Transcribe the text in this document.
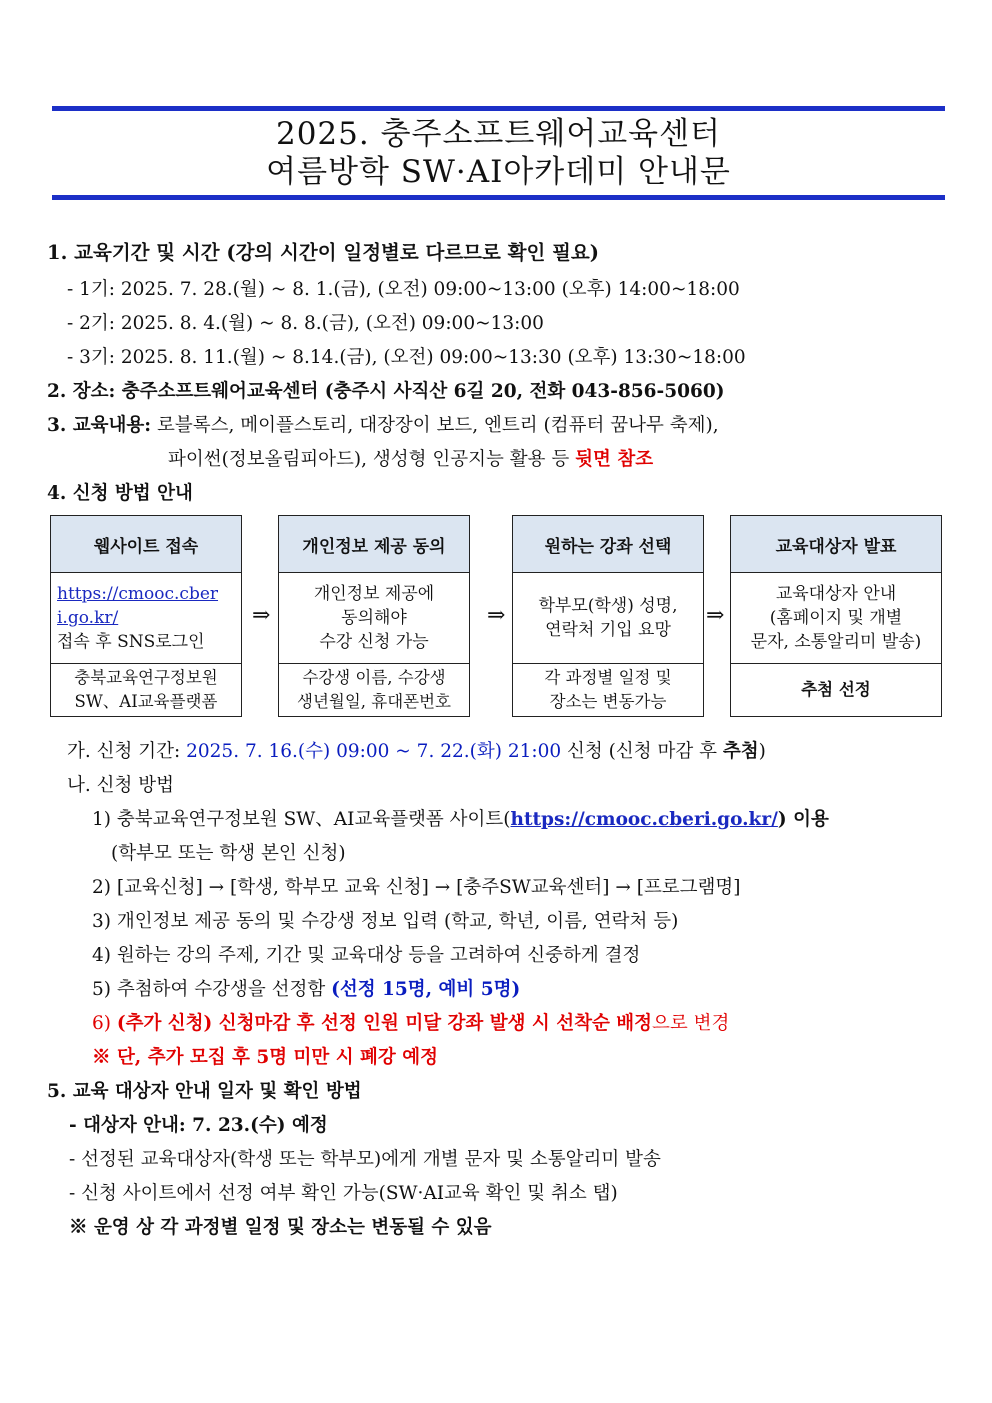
2025. 충주소프트웨어교육센터
여름방학 SW·AI아카데미 안내문
1. 교육기간 및 시간 (강의 시간이 일정별로 다르므로 확인 필요)
- 1기: 2025. 7. 28.(월) ~ 8. 1.(금), (오전) 09:00~13:00 (오후) 14:00~18:00
- 2기: 2025. 8. 4.(월) ~ 8. 8.(금), (오전) 09:00~13:00
- 3기: 2025. 8. 11.(월) ~ 8.14.(금), (오전) 09:00~13:30 (오후) 13:30~18:00
2. 장소: 충주소프트웨어교육센터 (충주시 사직산 6길 20, 전화 043-856-5060)
3. 교육내용: 로블록스, 메이플스토리, 대장장이 보드, 엔트리 (컴퓨터 꿈나무 축제),
파이썬(정보올림피아드), 생성형 인공지능 활용 등 뒷면 참조
4. 신청 방법 안내
웹사이트 접속
https://cmooc.cber
i.go.kr/
접속 후 SNS로그인
충북교육연구정보원
SW、AI교육플랫폼
⇒
개인정보 제공 동의
개인정보 제공에
동의해야
수강 신청 가능
수강생 이름, 수강생
생년월일, 휴대폰번호
⇒
원하는 강좌 선택
학부모(학생) 성명,
연락처 기입 요망
각 과정별 일정 및
장소는 변동가능
⇒
교육대상자 발표
교육대상자 안내
(홈페이지 및 개별
문자, 소통알리미 발송)
추첨 선정
가. 신청 기간: 2025. 7. 16.(수) 09:00 ~ 7. 22.(화) 21:00 신청 (신청 마감 후 추첨)
나. 신청 방법
1) 충북교육연구정보원 SW、AI교육플랫폼 사이트(https://cmooc.cberi.go.kr/) 이용
(학부모 또는 학생 본인 신청)
2) [교육신청] → [학생, 학부모 교육 신청] → [충주SW교육센터] → [프로그램명]
3) 개인정보 제공 동의 및 수강생 정보 입력 (학교, 학년, 이름, 연락처 등)
4) 원하는 강의 주제, 기간 및 교육대상 등을 고려하여 신중하게 결정
5) 추첨하여 수강생을 선정함 (선정 15명, 예비 5명)
6) (추가 신청) 신청마감 후 선정 인원 미달 강좌 발생 시 선착순 배정으로 변경
※ 단, 추가 모집 후 5명 미만 시 폐강 예정
5. 교육 대상자 안내 일자 및 확인 방법
- 대상자 안내: 7. 23.(수) 예정
- 선정된 교육대상자(학생 또는 학부모)에게 개별 문자 및 소통알리미 발송
- 신청 사이트에서 선정 여부 확인 가능(SW·AI교육 확인 및 취소 탭)
※ 운영 상 각 과정별 일정 및 장소는 변동될 수 있음
